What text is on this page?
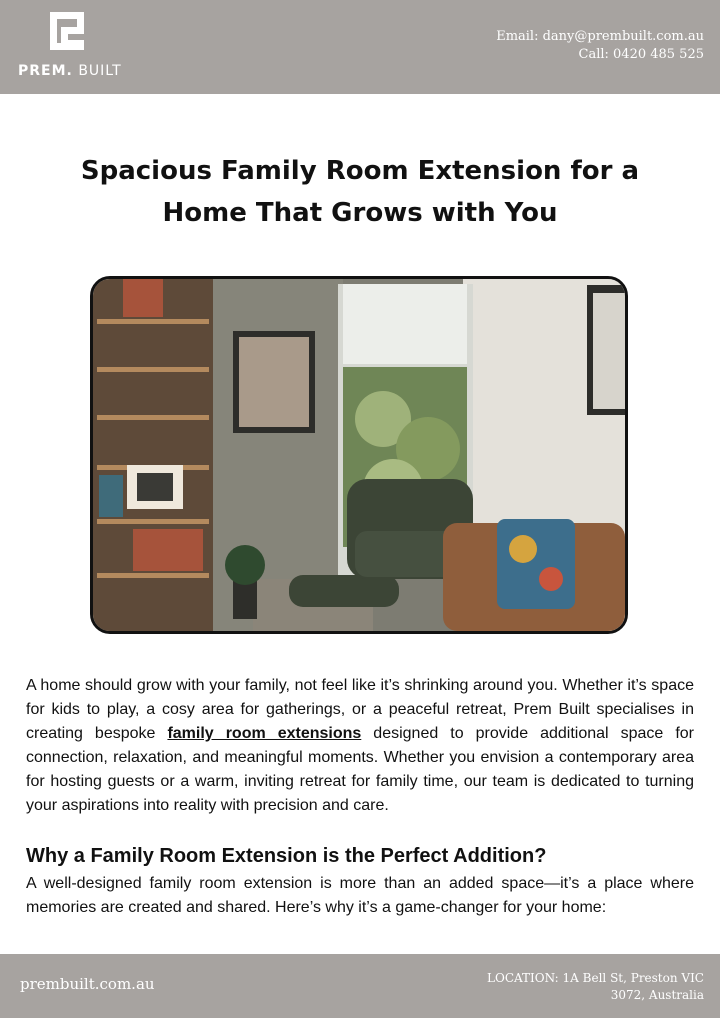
PREM. BUILT
Email: dany@prembuilt.com.au
Call: 0420 485 525
Spacious Family Room Extension for a Home That Grows with You

A home should grow with your family, not feel like it’s shrinking around you. Whether it’s space for kids to play, a cosy area for gatherings, or a peaceful retreat, Prem Built specialises in creating bespoke family room extensions designed to provide additional space for connection, relaxation, and meaningful moments. Whether you envision a contemporary area for hosting guests or a warm, inviting retreat for family time, our team is dedicated to turning your aspirations into reality with precision and care.

Why a Family Room Extension is the Perfect Addition?

A well-designed family room extension is more than an added space—it’s a place where memories are created and shared. Here’s why it’s a game-changer for your home:

prembuilt.com.au	LOCATION: 1A Bell St, Preston VIC
3072, Australia
